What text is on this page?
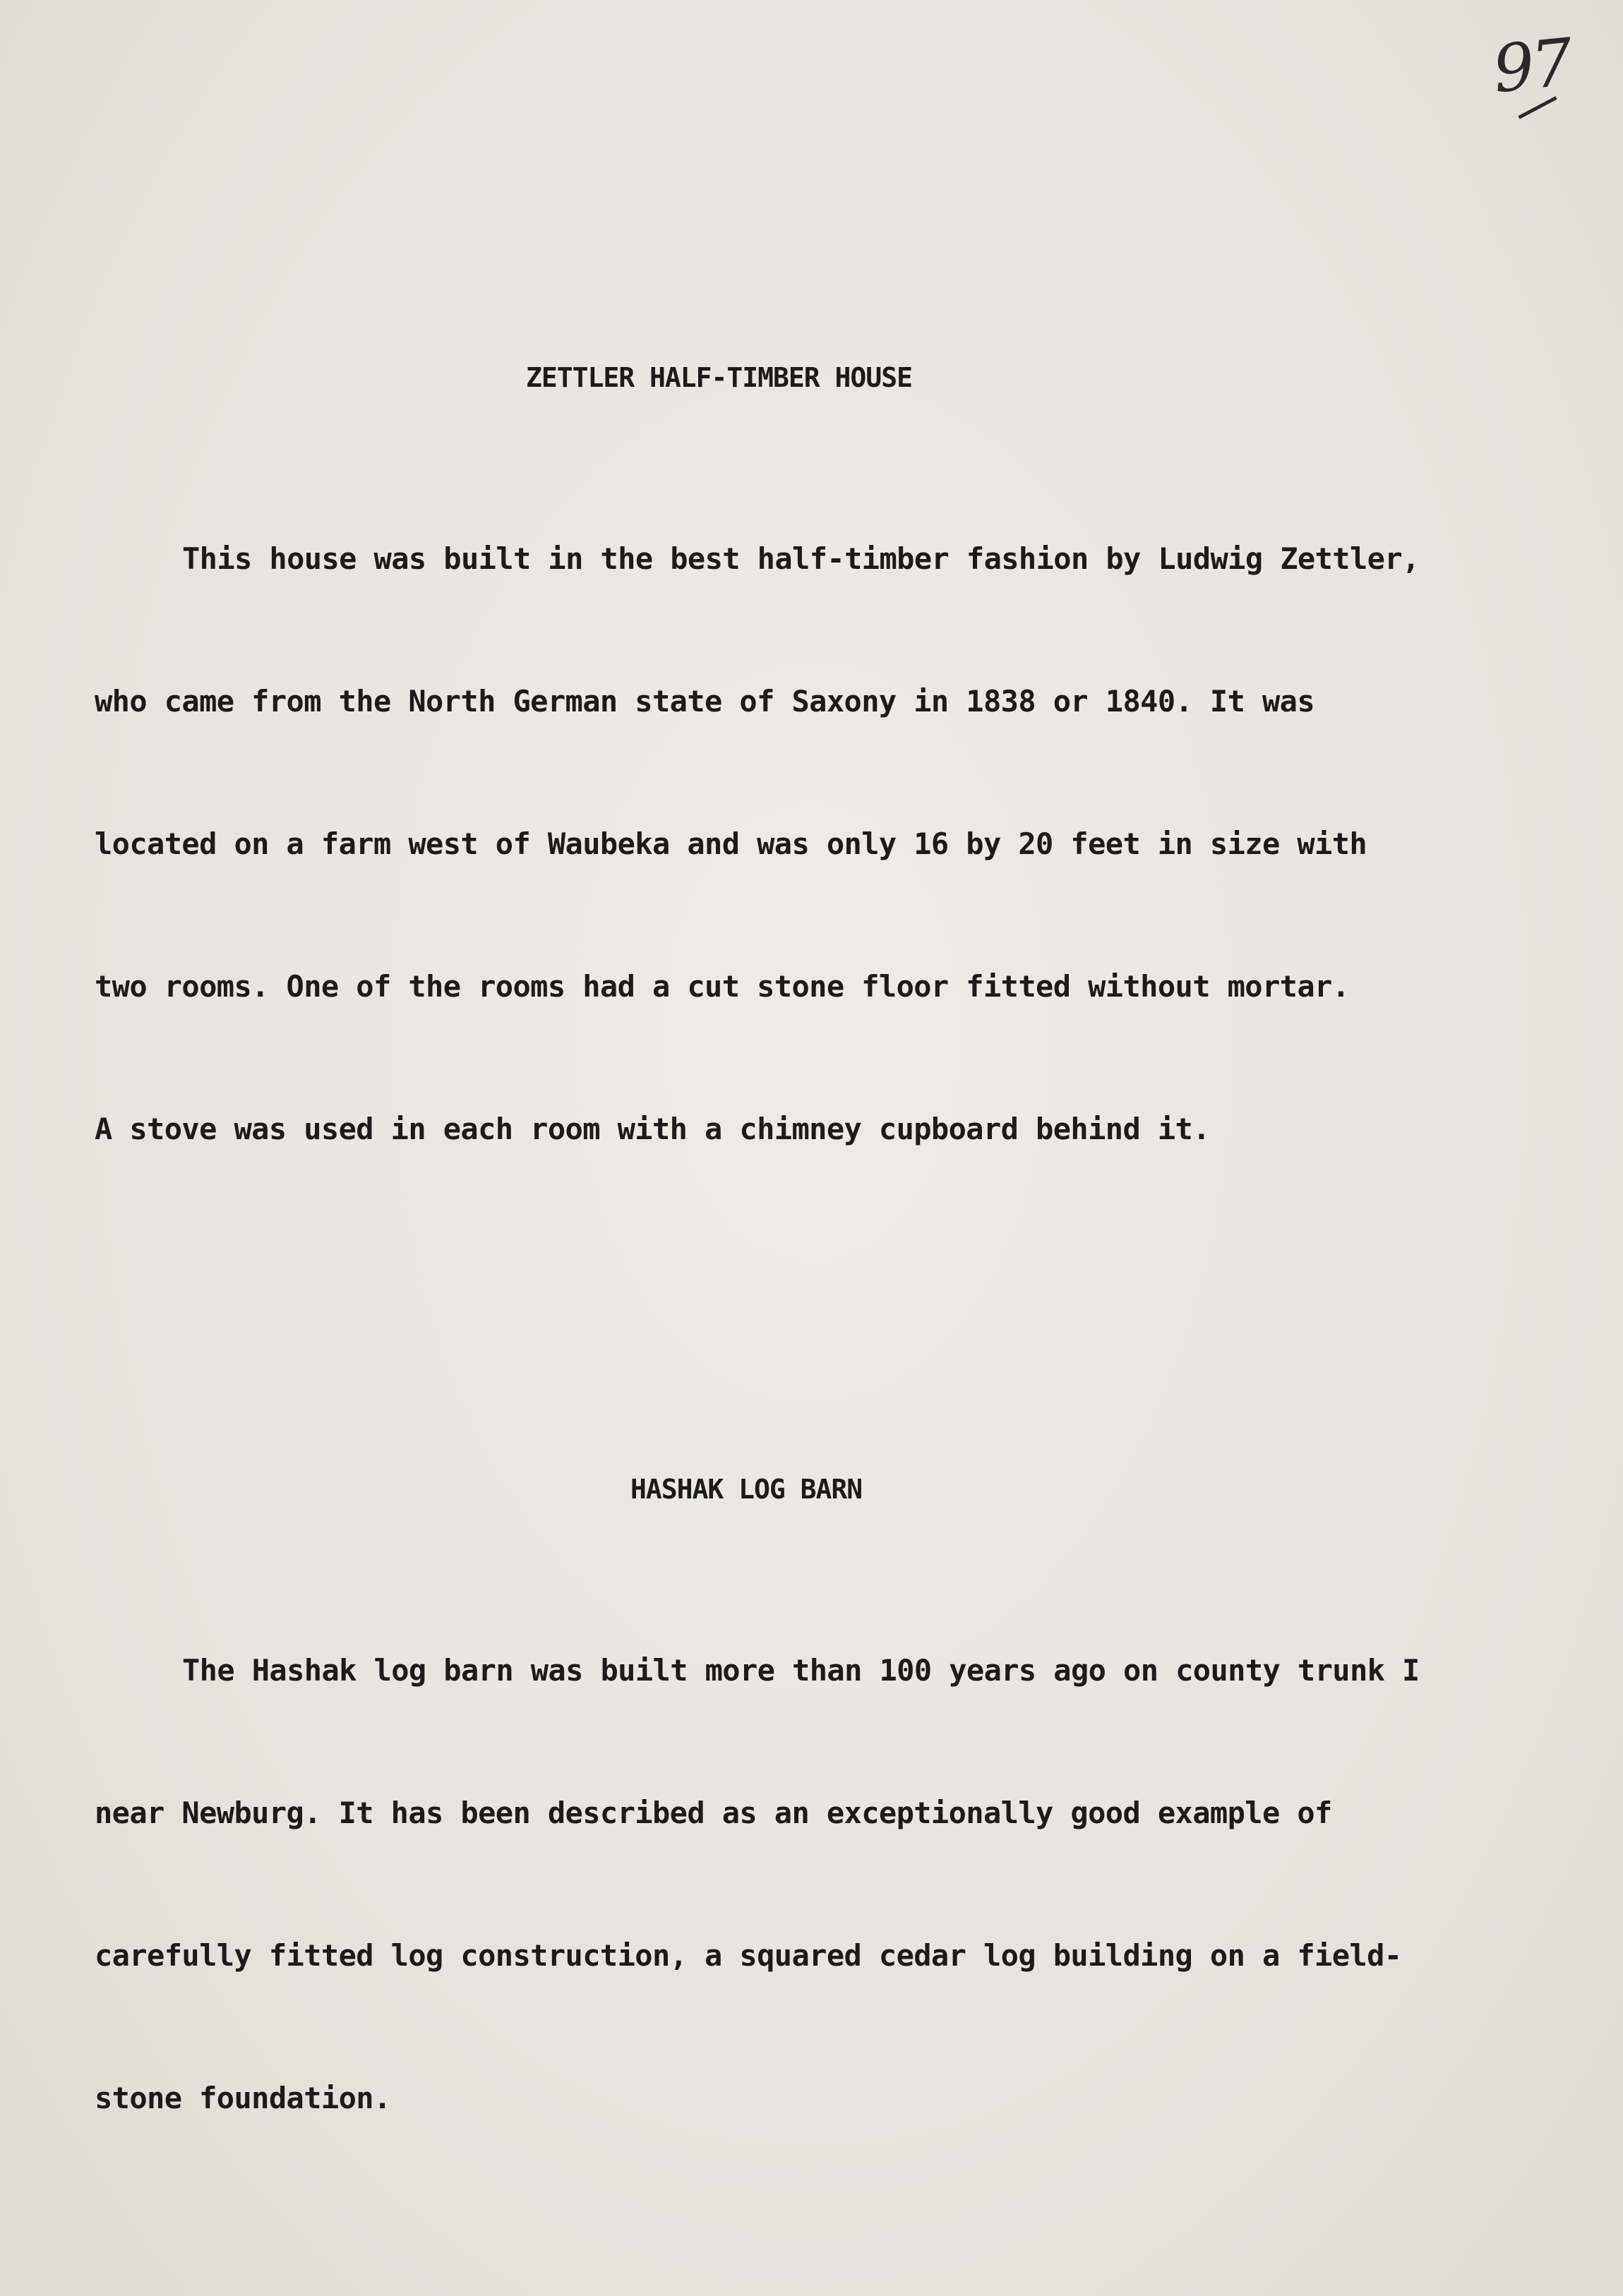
97
ZETTLER HALF-TIMBER HOUSE

This house was built in the best half-timber fashion by Ludwig Zettler,

who came from the North German state of Saxony in 1838 or 1840. It was

located on a farm west of Waubeka and was only 16 by 20 feet in size with

two rooms. One of the rooms had a cut stone floor fitted without mortar.

A stove was used in each room with a chimney cupboard behind it.

HASHAK LOG BARN

The Hashak log barn was built more than 100 years ago on county trunk I

near Newburg. It has been described as an exceptionally good example of

carefully fitted log construction, a squared cedar log building on a field-

stone foundation.
